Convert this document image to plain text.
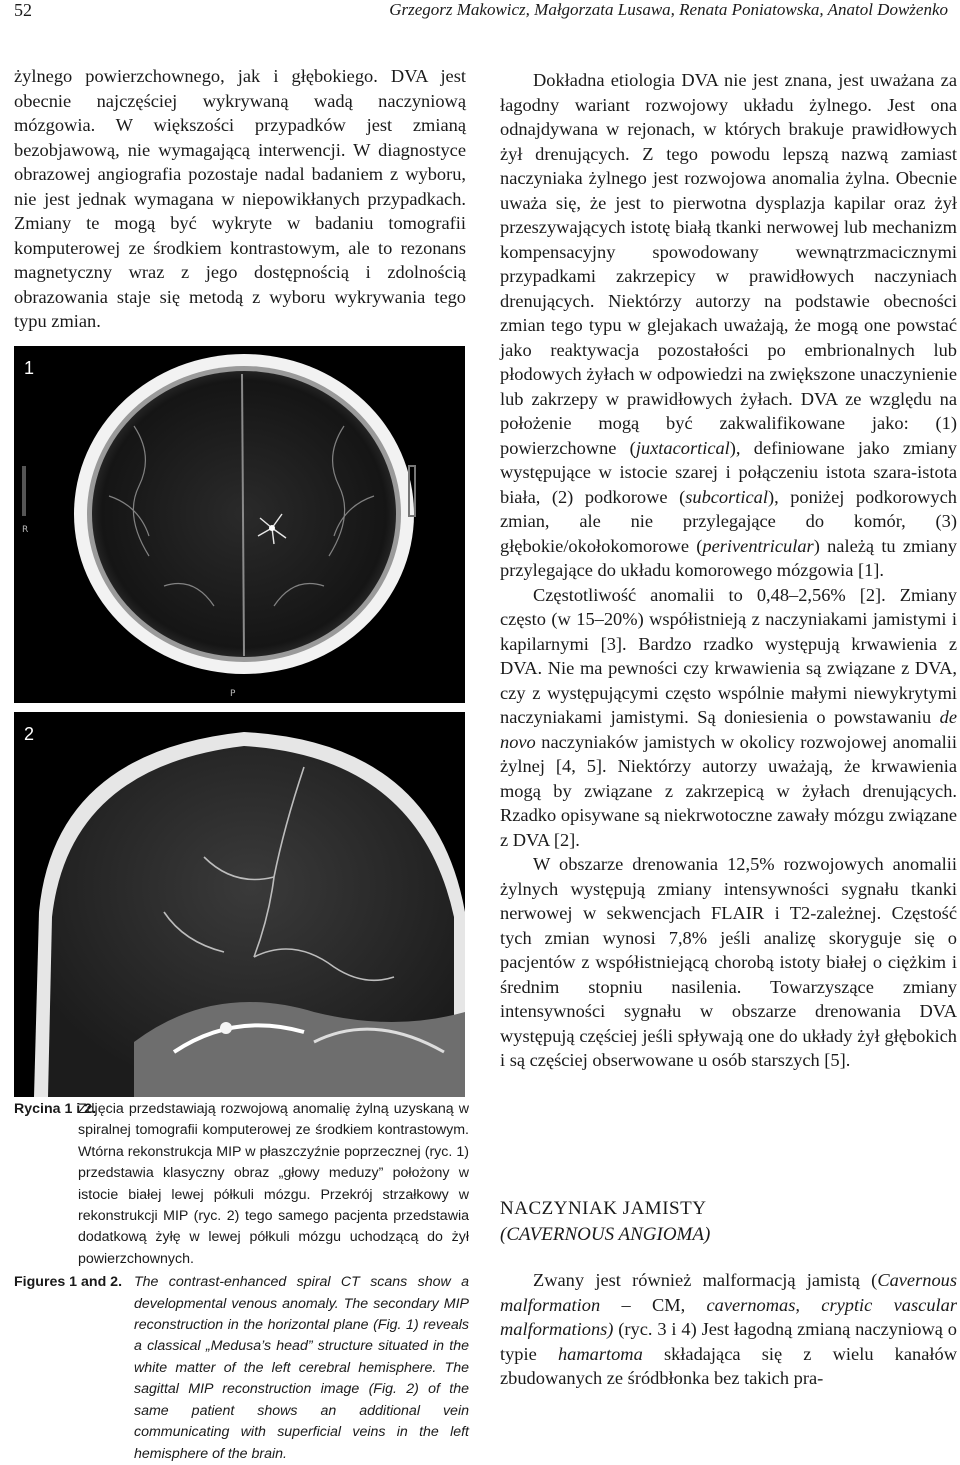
52	Grzegorz Makowicz, Małgorzata Lusawa, Renata Poniatowska, Anatol Dowżenko

żylnego powierzchownego, jak i głębokiego. DVA jest obecnie najczęściej wykrywaną wadą naczyniową mózgowia. W większości przypadków jest zmianą bezobjawową, nie wymagającą interwencji. W diagnostyce obrazowej angiografia pozostaje nadal badaniem z wyboru, nie jest jednak wymagana w niepowikłanych przypadkach. Zmiany te mogą być wykryte w badaniu tomografii komputerowej ze środkiem kontrastowym, ale to rezonans magnetyczny wraz z jego dostępnością i zdolnością obrazowania staje się metodą z wyboru wykrywania tego typu zmian.

R
P
1
2
Rycina 1 i 2.
Zdjęcia przedstawiają rozwojową anomalię żylną uzyskaną w spiralnej tomografii komputerowej ze środkiem kontrastowym. Wtórna rekonstrukcja MIP w płaszczyźnie poprzecznej (ryc. 1) przedstawia klasyczny obraz „głowy meduzy” położony w istocie białej lewej półkuli mózgu. Przekrój strzałkowy w rekonstrukcji MIP (ryc. 2) tego samego pacjenta przedstawia dodatkową żyłę w lewej półkuli mózgu uchodzącą do żył powierzchownych.
Figures 1 and 2. The contrast-enhanced spiral CT scans show a developmental venous anomaly. The secondary MIP reconstruction in the horizontal plane (Fig. 1) reveals a classical „Medusa’s head” structure situated in the white matter of the left cerebral hemisphere. The sagittal MIP reconstruction image (Fig. 2) of the same patient shows an additional vein communicating with superficial veins in the left hemisphere of the brain.

Dokładna etiologia DVA nie jest znana, jest uważana za łagodny wariant rozwojowy układu żylnego. Jest ona odnajdywana w rejonach, w których brakuje prawidłowych żył drenujących. Z tego powodu lepszą nazwą zamiast naczyniaka żylnego jest rozwojowa anomalia żylna. Obecnie uważa się, że jest to pierwotna dysplazja kapilar oraz żył przeszywających istotę białą tkanki nerwowej lub mechanizm kompensacyjny spowodowany wewnątrzmacicznymi przypadkami zakrzepicy w prawidłowych naczyniach drenujących. Niektórzy autorzy na podstawie obecności zmian tego typu w glejakach uważają, że mogą one powstać jako reaktywacja pozostałości po embrionalnych lub płodowych żyłach w odpowiedzi na zwiększone unaczynienie lub zakrzepy w prawidłowych żyłach. DVA ze względu na położenie mogą być zakwalifikowane jako: (1) powierzchowne (juxtacortical), definiowane jako zmiany występujące w istocie szarej i połączeniu istota szara-istota biała, (2) podkorowe (subcortical), poniżej podkorowych zmian, ale nie przylegające do komór, (3) głębokie/okołokomorowe (periventricular) należą tu zmiany przylegające do układu komorowego mózgowia [1].

Częstotliwość anomalii to 0,48–2,56% [2]. Zmiany często (w 15–20%) współistnieją z naczyniakami jamistymi i kapilarnymi [3]. Bardzo rzadko występują krwawienia z DVA. Nie ma pewności czy krwawienia są związane z DVA, czy z występującymi często wspólnie małymi niewykrytymi naczyniakami jamistymi. Są doniesienia o powstawaniu de novo naczyniaków jamistych w okolicy rozwojowej anomalii żylnej [4, 5]. Niektórzy autorzy uważają, że krwawienia mogą by związane z zakrzepicą w żyłach drenujących. Rzadko opisywane są niekrwotoczne zawały mózgu związane z DVA [2].

W obszarze drenowania 12,5% rozwojowych anomalii żylnych występują zmiany intensywności sygnału tkanki nerwowej w sekwencjach FLAIR i T2-zależnej. Częstość tych zmian wynosi 7,8% jeśli analizę skoryguje się o pacjentów z współistniejącą chorobą istoty białej o ciężkim i średnim stopniu nasilenia. Towarzyszące zmiany intensywności sygnału w obszarze drenowania DVA występują częściej jeśli spływają one do układy żył głębokich i są częściej obserwowane u osób starszych [5].

NACZYNIAK JAMISTY
(CAVERNOUS ANGIOMA)

Zwany jest również malformacją jamistą (Cavernous malformation – CM, cavernomas, cryptic vascular malformations) (ryc. 3 i 4) Jest łagodną zmianą naczyniową o typie hamartoma składająca się z wielu kanałów zbudowanych ze śródbłonka bez takich pra-
